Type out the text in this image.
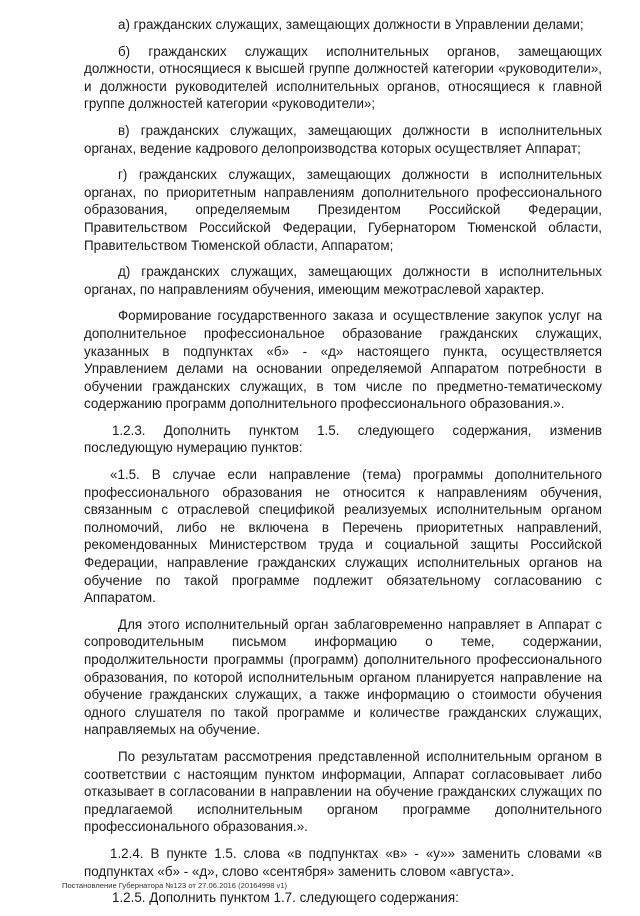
а) гражданских служащих, замещающих должности в Управлении делами;

б) гражданских служащих исполнительных органов, замещающих должности, относящиеся к высшей группе должностей категории «руководители», и должности руководителей исполнительных органов, относящиеся к главной группе должностей категории «руководители»;

в) гражданских служащих, замещающих должности в исполнительных органах, ведение кадрового делопроизводства которых осуществляет Аппарат;

г) гражданских служащих, замещающих должности в исполнительных органах, по приоритетным направлениям дополнительного профессионального образования, определяемым Президентом Российской Федерации, Правительством Российской Федерации, Губернатором Тюменской области, Правительством Тюменской области, Аппаратом;

д) гражданских служащих, замещающих должности в исполнительных органах, по направлениям обучения, имеющим межотраслевой характер.

Формирование государственного заказа и осуществление закупок услуг на дополнительное профессиональное образование гражданских служащих, указанных в подпунктах «б» - «д» настоящего пункта, осуществляется Управлением делами на основании определяемой Аппаратом потребности в обучении гражданских служащих, в том числе по предметно-тематическому содержанию программ дополнительного профессионального образования.».

1.2.3. Дополнить пунктом 1.5. следующего содержания, изменив последующую нумерацию пунктов:

«1.5. В случае если направление (тема) программы дополнительного профессионального образования не относится к направлениям обучения, связанным с отраслевой спецификой реализуемых исполнительным органом полномочий, либо не включена в Перечень приоритетных направлений, рекомендованных Министерством труда и социальной защиты Российской Федерации, направление гражданских служащих исполнительных органов на обучение по такой программе подлежит обязательному согласованию с Аппаратом.

Для этого исполнительный орган заблаговременно направляет в Аппарат с сопроводительным письмом информацию о теме, содержании, продолжительности программы (программ) дополнительного профессионального образования, по которой исполнительным органом планируется направление на обучение гражданских служащих, а также информацию о стоимости обучения одного слушателя по такой программе и количестве гражданских служащих, направляемых на обучение.

По результатам рассмотрения представленной исполнительным органом в соответствии с настоящим пунктом информации, Аппарат согласовывает либо отказывает в согласовании в направлении на обучение гражданских служащих по предлагаемой исполнительным органом программе дополнительного профессионального образования.».

1.2.4. В пункте 1.5. слова «в подпунктах «в» - «у»» заменить словами «в подпунктах «б» - «д», слово «сентября» заменить словом «августа».

1.2.5. Дополнить пунктом 1.7. следующего содержания:

Постановление Губернатора №123 от 27.06.2016 (20164998 v1)
